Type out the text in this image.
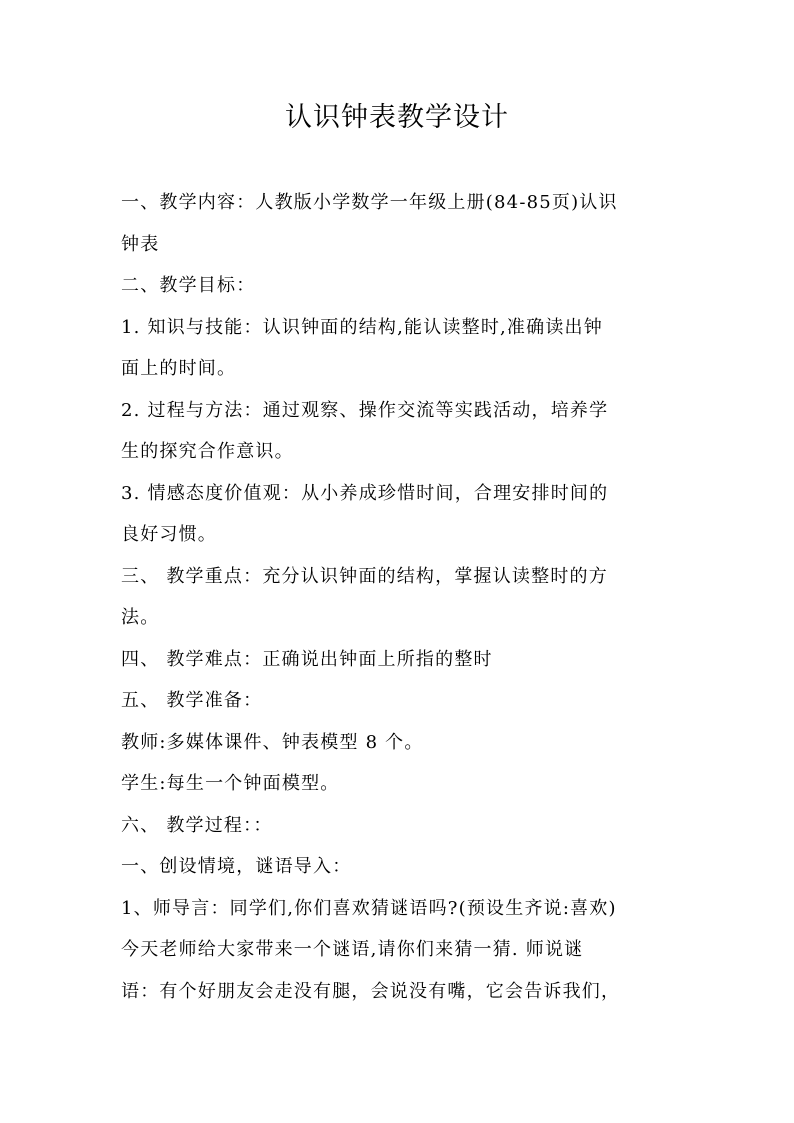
认识钟表教学设计

一、教学内容：人教版小学数学一年级上册(84-85页)认识

钟表

二、教学目标：

1. 知识与技能：认识钟面的结构,能认读整时,准确读出钟

面上的时间。

2. 过程与方法：通过观察、操作交流等实践活动，培养学

生的探究合作意识。

3. 情感态度价值观：从小养成珍惜时间，合理安排时间的

良好习惯。

三、 教学重点：充分认识钟面的结构，掌握认读整时的方

法。

四、 教学难点：正确说出钟面上所指的整时

五、 教学准备：

教师:多媒体课件、钟表模型 8 个。

学生:每生一个钟面模型。

六、 教学过程：：

一、创设情境，谜语导入：

1、师导言：同学们,你们喜欢猜谜语吗?(预设生齐说:喜欢)

今天老师给大家带来一个谜语,请你们来猜一猜. 师说谜

语：有个好朋友会走没有腿，会说没有嘴，它会告诉我们，
